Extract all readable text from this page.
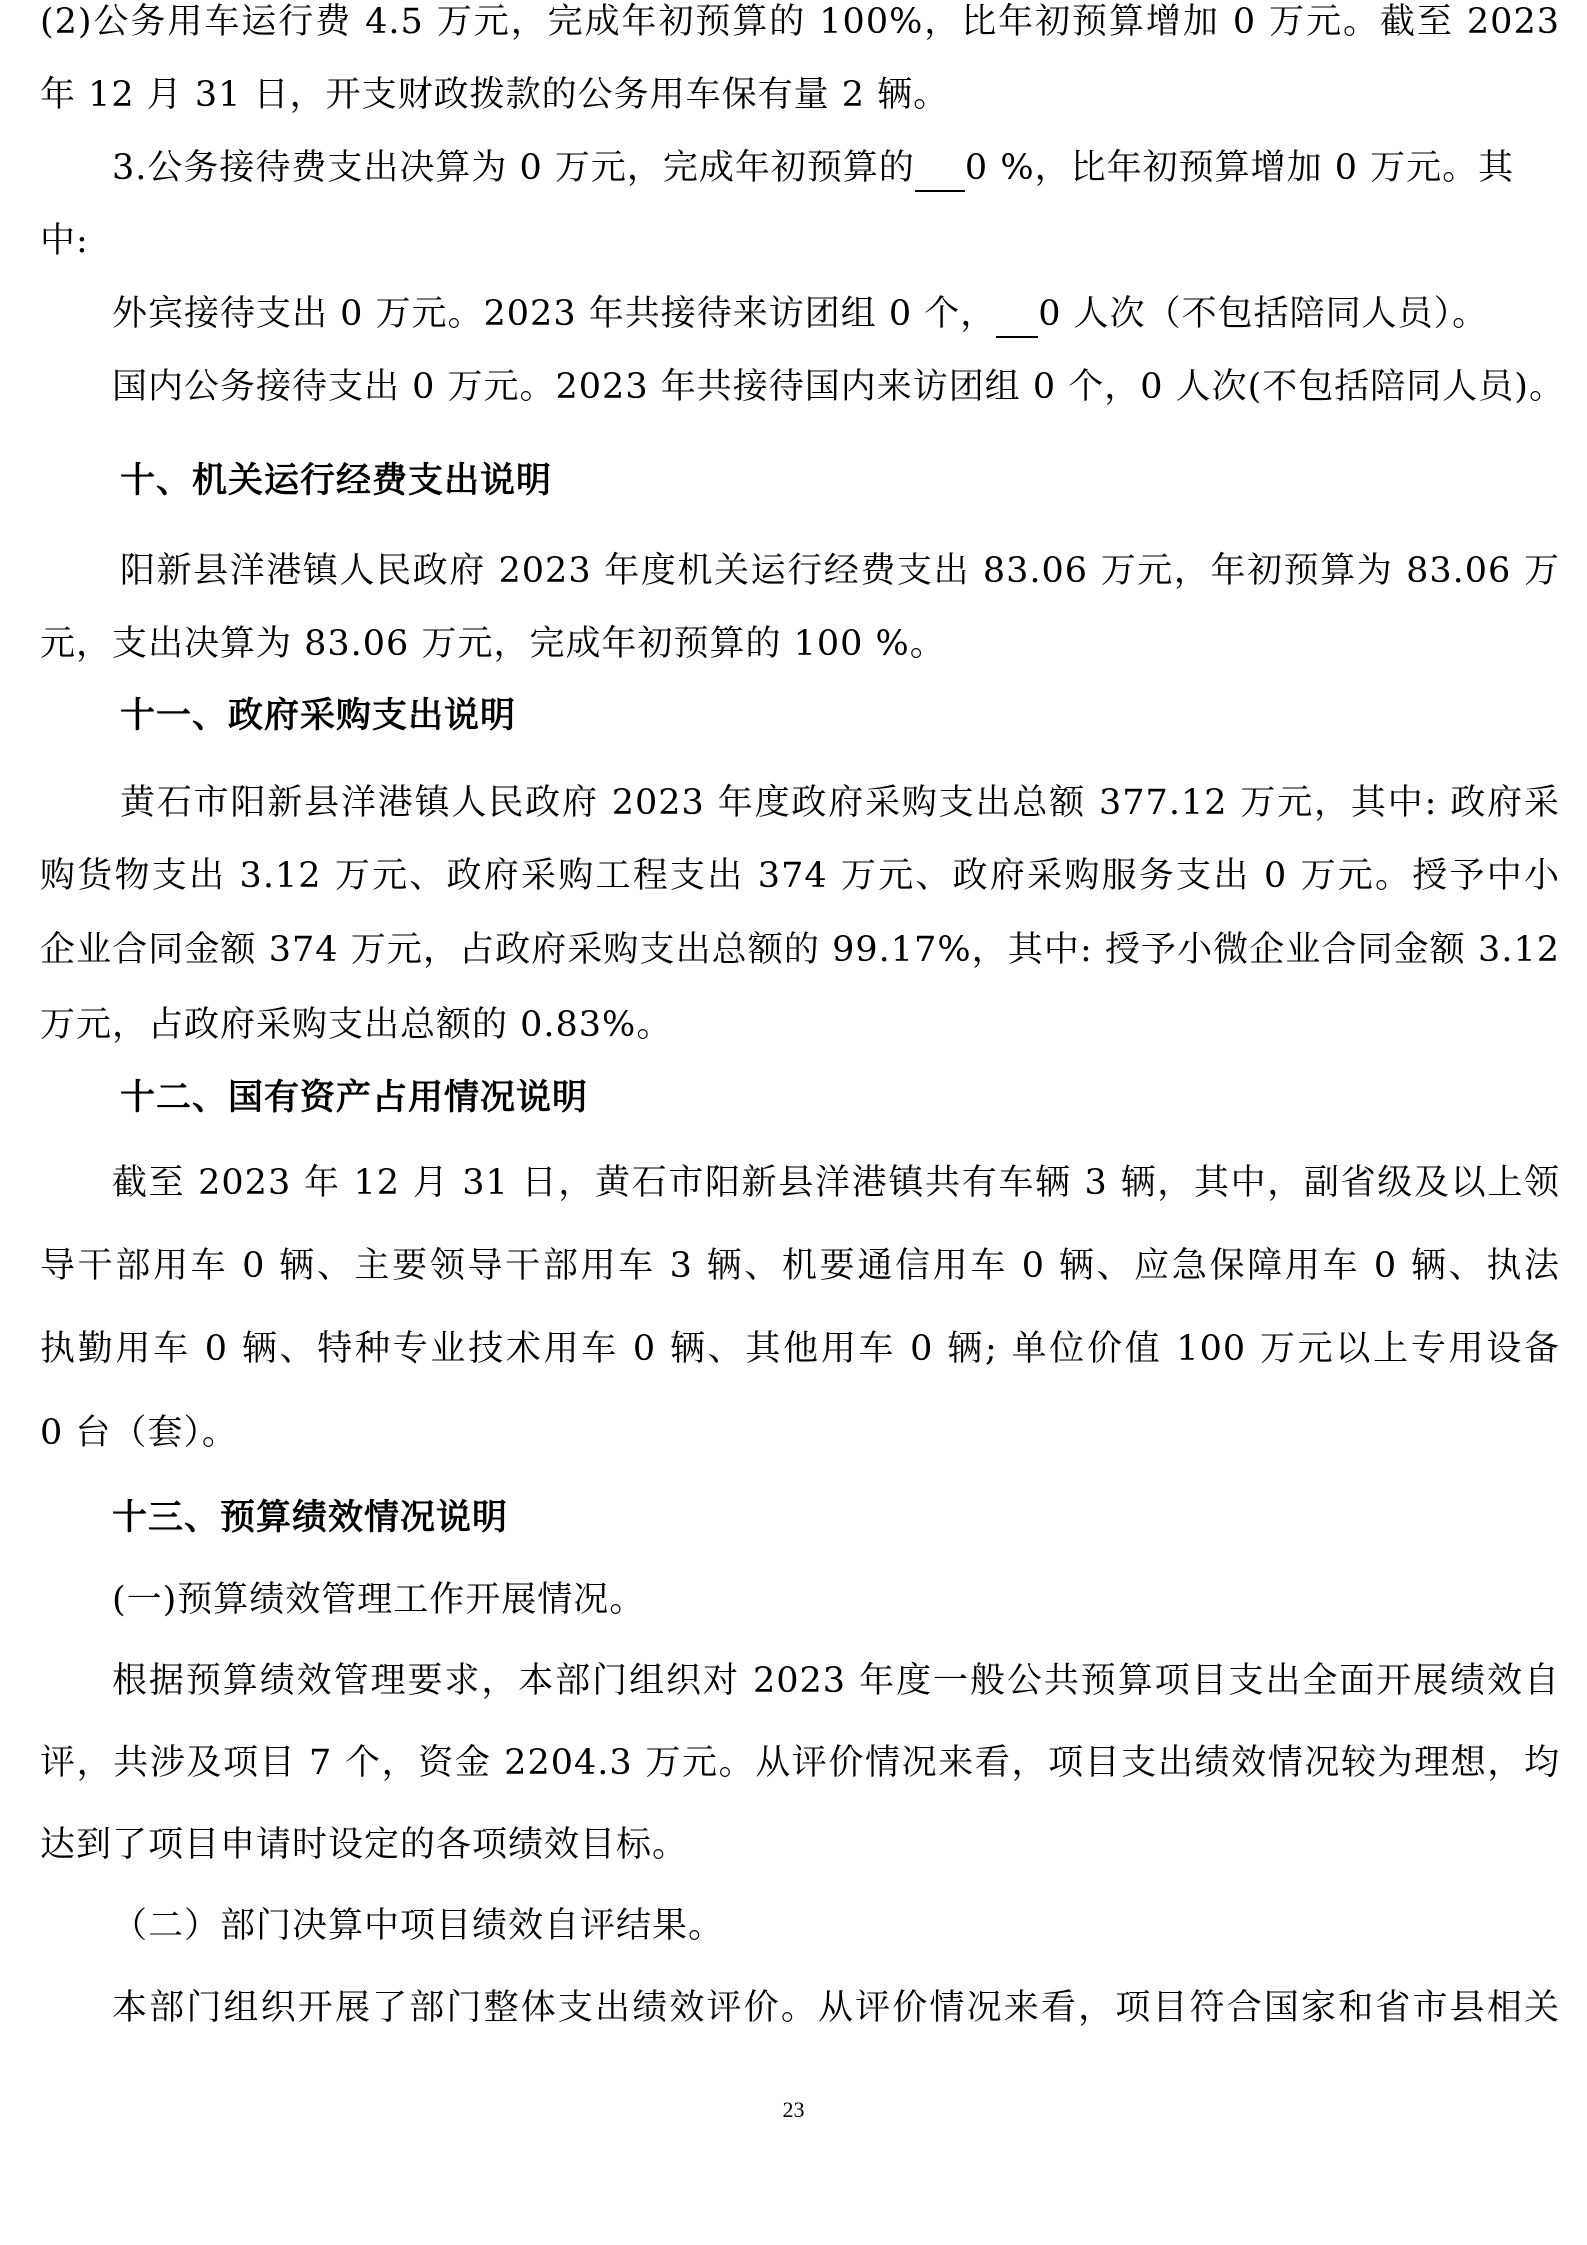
(2)公务用车运行费 4.5 万元，完成年初预算的 100%，比年初预算增加 0 万元。截至 2023
年 12 月 31 日，开支财政拨款的公务用车保有量 2 辆。
3.公务接待费支出决算为 0 万元，完成年初预算的 0 %，比年初预算增加 0 万元。其
中:
外宾接待支出 0 万元。2023 年共接待来访团组 0 个， 0 人次（不包括陪同人员）。
国内公务接待支出 0 万元。2023 年共接待国内来访团组 0 个，0 人次(不包括陪同人员)。
十、机关运行经费支出说明
阳新县洋港镇人民政府 2023 年度机关运行经费支出 83.06 万元，年初预算为 83.06 万
元，支出决算为 83.06 万元，完成年初预算的 100 %。
十一、政府采购支出说明
黄石市阳新县洋港镇人民政府 2023 年度政府采购支出总额 377.12 万元，其中: 政府采
购货物支出 3.12 万元、政府采购工程支出 374 万元、政府采购服务支出 0 万元。授予中小
企业合同金额 374 万元，占政府采购支出总额的 99.17%，其中: 授予小微企业合同金额 3.12
万元，占政府采购支出总额的 0.83%。
十二、国有资产占用情况说明
截至 2023 年 12 月 31 日，黄石市阳新县洋港镇共有车辆 3 辆，其中，副省级及以上领
导干部用车 0 辆、主要领导干部用车 3 辆、机要通信用车 0 辆、应急保障用车 0 辆、执法
执勤用车 0 辆、特种专业技术用车 0 辆、其他用车 0 辆; 单位价值 100 万元以上专用设备
0 台（套）。
十三、预算绩效情况说明
(一)预算绩效管理工作开展情况。
根据预算绩效管理要求，本部门组织对 2023 年度一般公共预算项目支出全面开展绩效自
评，共涉及项目 7 个，资金 2204.3 万元。从评价情况来看，项目支出绩效情况较为理想，均
达到了项目申请时设定的各项绩效目标。
（二）部门决算中项目绩效自评结果。
本部门组织开展了部门整体支出绩效评价。从评价情况来看，项目符合国家和省市县相关
23
